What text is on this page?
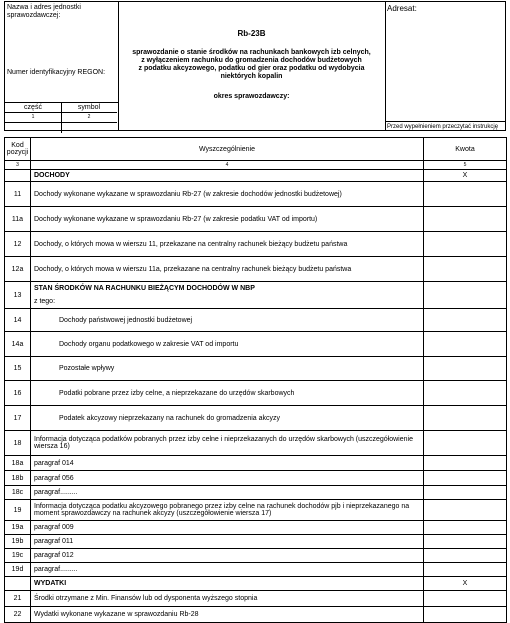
Nazwa i adres jednostki sprawozdawczej:
Numer identyfikacyjny REGON:
część	symbol
1	2
Rb-23B
sprawozdanie o stanie środków na rachunkach bankowych izb celnych,
z wyłączeniem rachunku do gromadzenia dochodów budżetowych
z podatku akcyzowego, podatku od gier oraz podatku od wydobycia
niektórych kopalin
okres sprawozdawczy:
Adresat:
Przed wypełnieniem przeczytać instrukcję
Kod pozycji	Wyszczególnienie	Kwota
3	4	5

	DOCHODY	X
11	Dochody wykonane wykazane w sprawozdaniu Rb-27 (w zakresie dochodów jednostki budżetowej)	

11a	Dochody wykonane wykazane w sprawozdaniu Rb-27 (w zakresie podatku VAT od importu)	

12	Dochody, o których mowa w wierszu 11, przekazane na centralny rachunek bieżący budżetu państwa	

12a	Dochody, o których mowa w wierszu 11a, przekazane na centralny rachunek bieżący budżetu państwa	

13	STAN ŚRODKÓW NA RACHUNKU BIEŻĄCYM DOCHODÓW W NBP
z tego:	

14	Dochody państwowej jednostki budżetowej	

14a	Dochody organu podatkowego w zakresie VAT od importu	

15	Pozostałe wpływy	

16	Podatki pobrane przez izby celne, a nieprzekazane do urzędów skarbowych	

17	Podatek akcyzowy nieprzekazany na rachunek do gromadzenia akcyzy	

18	Informacja dotycząca podatków pobranych przez izby celne i nieprzekazanych do urzędów skarbowych (uszczegółowienie wiersza 16)	

18a	paragraf 014	

18b	paragraf 056	

18c	paragraf.........	

19	Informacja dotycząca podatku akcyzowego pobranego przez izby celne na rachunek dochodów pjb i nieprzekazanego na moment sprawozdawczy na rachunek akcyzy (uszczegółowienie wiersza 17)	

19a	paragraf 009	

19b	paragraf 011	

19c	paragraf 012	

19d	paragraf.........	

	WYDATKI	X
21	Środki otrzymane z Min. Finansów lub od dysponenta wyższego stopnia	

22	Wydatki wykonane wykazane w sprawozdaniu Rb-28	
